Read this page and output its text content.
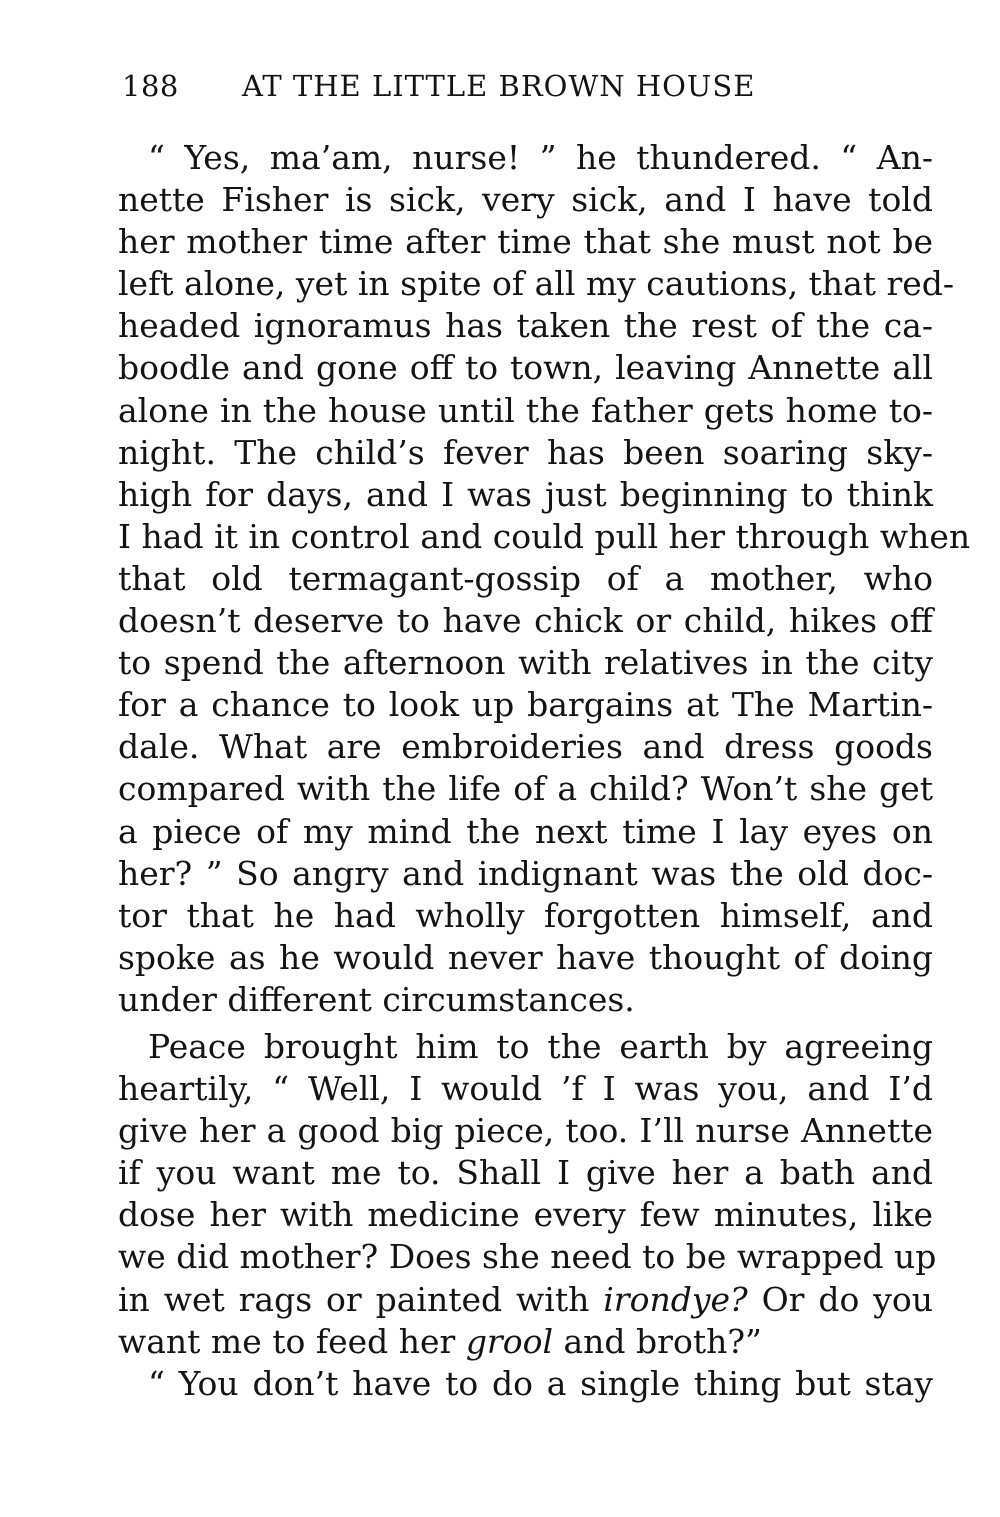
188 AT THE LITTLE BROWN HOUSE
“ Yes, ma’am, nurse! ” he thundered. “ An-
nette Fisher is sick, very sick, and I have told
her mother time after time that she must not be
left alone, yet in spite of all my cautions, that red-
headed ignoramus has taken the rest of the ca-
boodle and gone off to town, leaving Annette all
alone in the house until the father gets home to-
night. The child’s fever has been soaring sky-
high for days, and I was just beginning to think
I had it in control and could pull her through when
that old termagant-gossip of a mother, who
doesn’t deserve to have chick or child, hikes off
to spend the afternoon with relatives in the city
for a chance to look up bargains at The Martin-
dale. What are embroideries and dress goods
compared with the life of a child? Won’t she get
a piece of my mind the next time I lay eyes on
her? ” So angry and indignant was the old doc-
tor that he had wholly forgotten himself, and
spoke as he would never have thought of doing
under different circumstances.
Peace brought him to the earth by agreeing
heartily, “ Well, I would ’f I was you, and I’d
give her a good big piece, too. I’ll nurse Annette
if you want me to. Shall I give her a bath and
dose her with medicine every few minutes, like
we did mother? Does she need to be wrapped up
in wet rags or painted with irondye? Or do you
want me to feed her grool and broth?”
“ You don’t have to do a single thing but stay
